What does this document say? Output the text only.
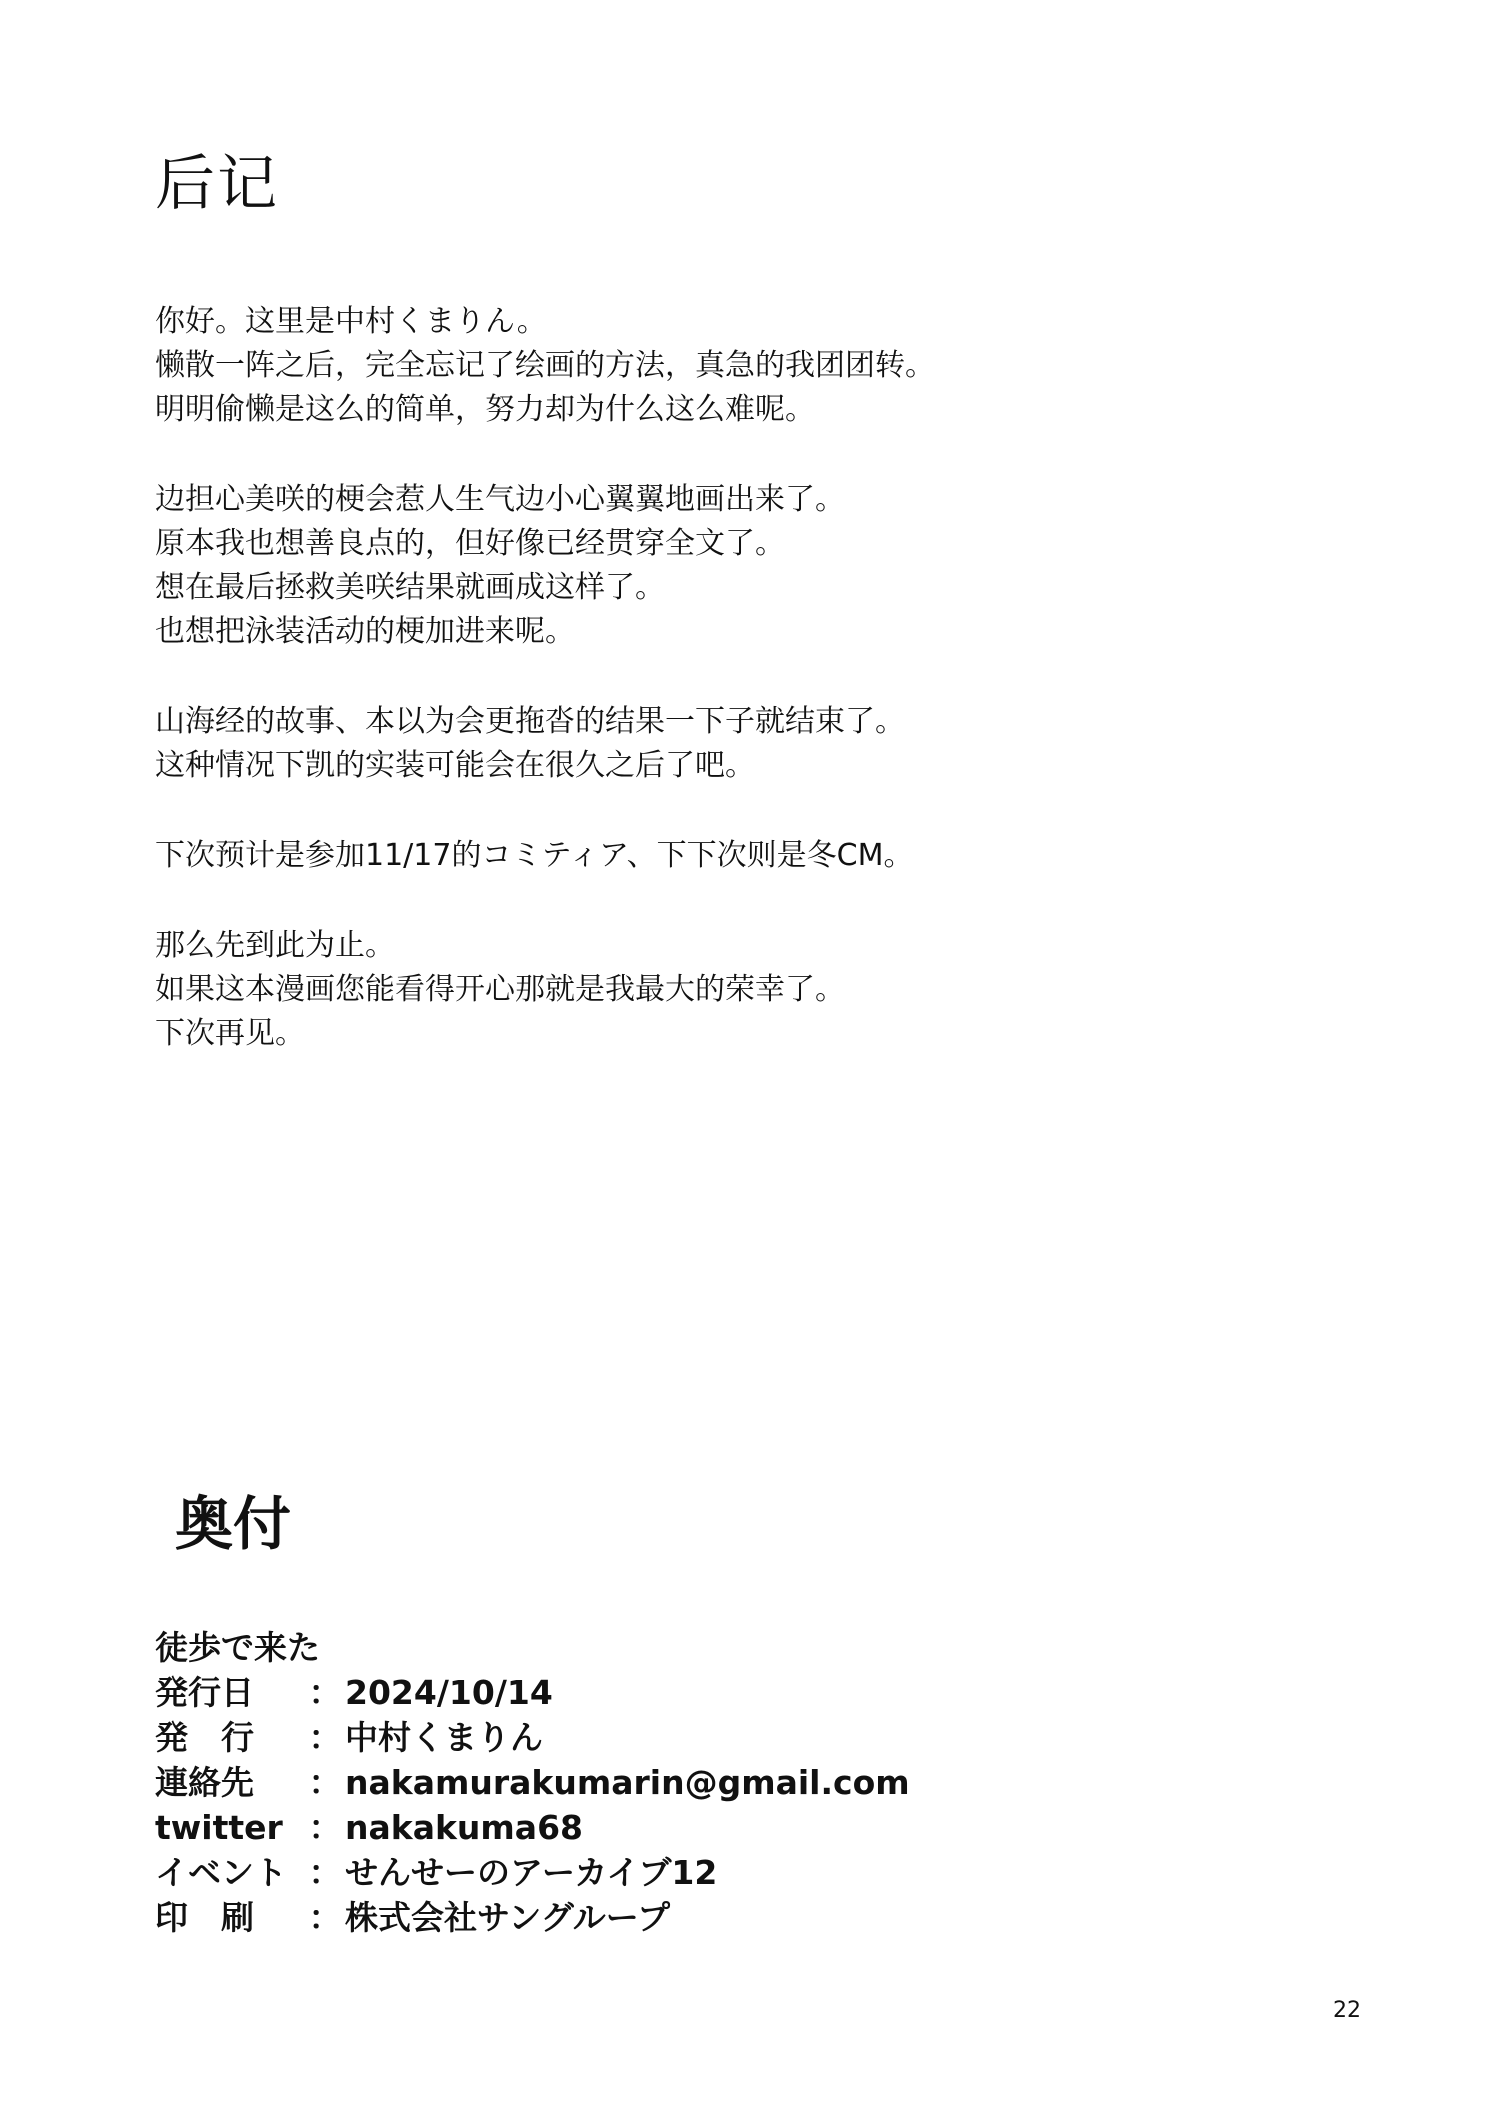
后记
你好。这里是中村くまりん。
懒散一阵之后，完全忘记了绘画的方法，真急的我团团转。
明明偷懒是这么的简单，努力却为什么这么难呢。
边担心美咲的梗会惹人生气边小心翼翼地画出来了。
原本我也想善良点的，但好像已经贯穿全文了。
想在最后拯救美咲结果就画成这样了。
也想把泳装活动的梗加进来呢。
山海经的故事、本以为会更拖沓的结果一下子就结束了。
这种情况下凯的实装可能会在很久之后了吧。
下次预计是参加11/17的コミティア、下下次则是冬CM。
那么先到此为止。
如果这本漫画您能看得开心那就是我最大的荣幸了。
下次再见。
奥付
徒歩で来た
発行日	： 2024/10/14
発　行	： 中村くまりん
連絡先	： nakamurakumarin@gmail.com
twitter ： nakakuma68
イベント ： せんせーのアーカイブ12
印　刷	： 株式会社サングループ
22
